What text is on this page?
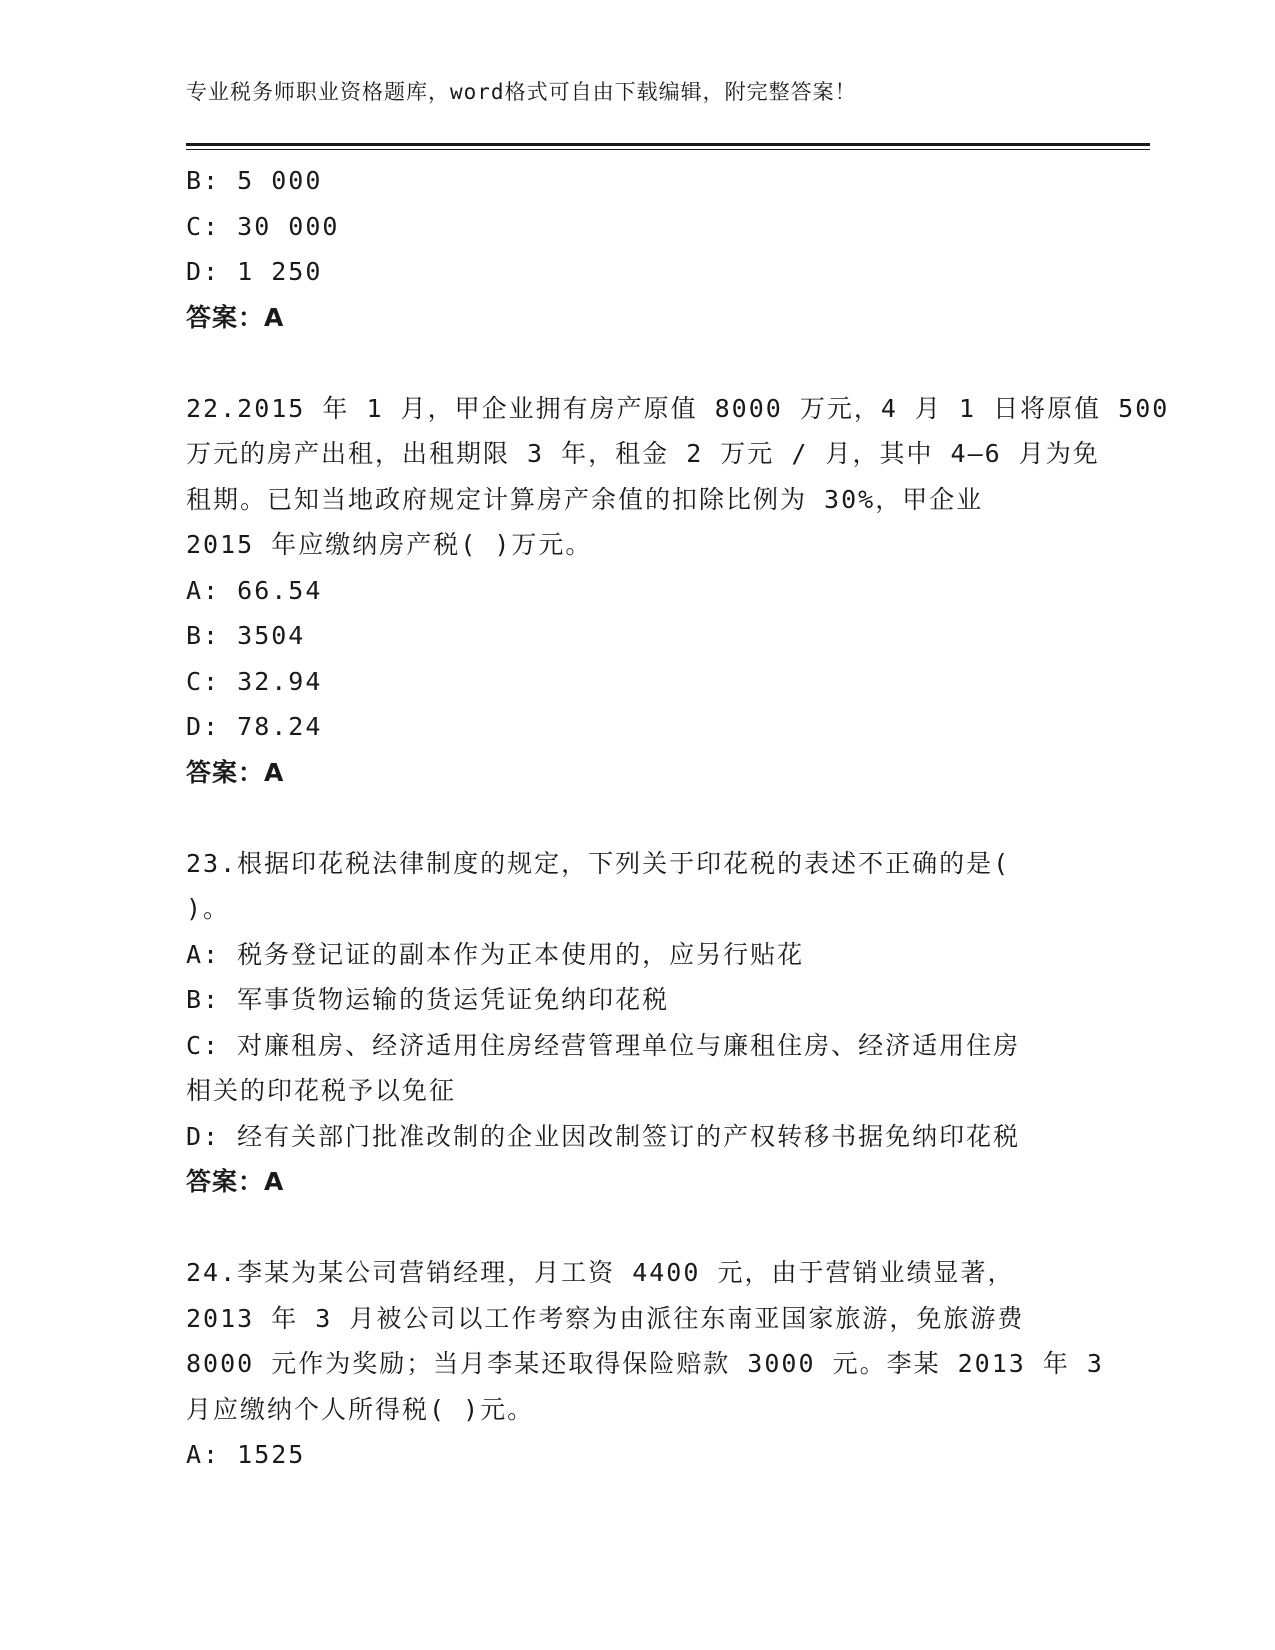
专业税务师职业资格题库，word格式可自由下载编辑，附完整答案！
B: 5 000
C: 30 000
D: 1 250
答案：A
22.2015 年 1 月，甲企业拥有房产原值 8000 万元，4 月 1 日将原值 500
万元的房产出租，出租期限 3 年，租金 2 万元 / 月，其中 4—6 月为免
租期。已知当地政府规定计算房产余值的扣除比例为 30%，甲企业
2015 年应缴纳房产税( )万元。
A: 66.54
B: 3504
C: 32.94
D: 78.24
答案：A
23.根据印花税法律制度的规定，下列关于印花税的表述不正确的是(
)。
A: 税务登记证的副本作为正本使用的，应另行贴花
B: 军事货物运输的货运凭证免纳印花税
C: 对廉租房、经济适用住房经营管理单位与廉租住房、经济适用住房
相关的印花税予以免征
D: 经有关部门批准改制的企业因改制签订的产权转移书据免纳印花税
答案：A
24.李某为某公司营销经理，月工资 4400 元，由于营销业绩显著，
2013 年 3 月被公司以工作考察为由派往东南亚国家旅游，免旅游费
8000 元作为奖励；当月李某还取得保险赔款 3000 元。李某 2013 年 3
月应缴纳个人所得税( )元。
A: 1525
